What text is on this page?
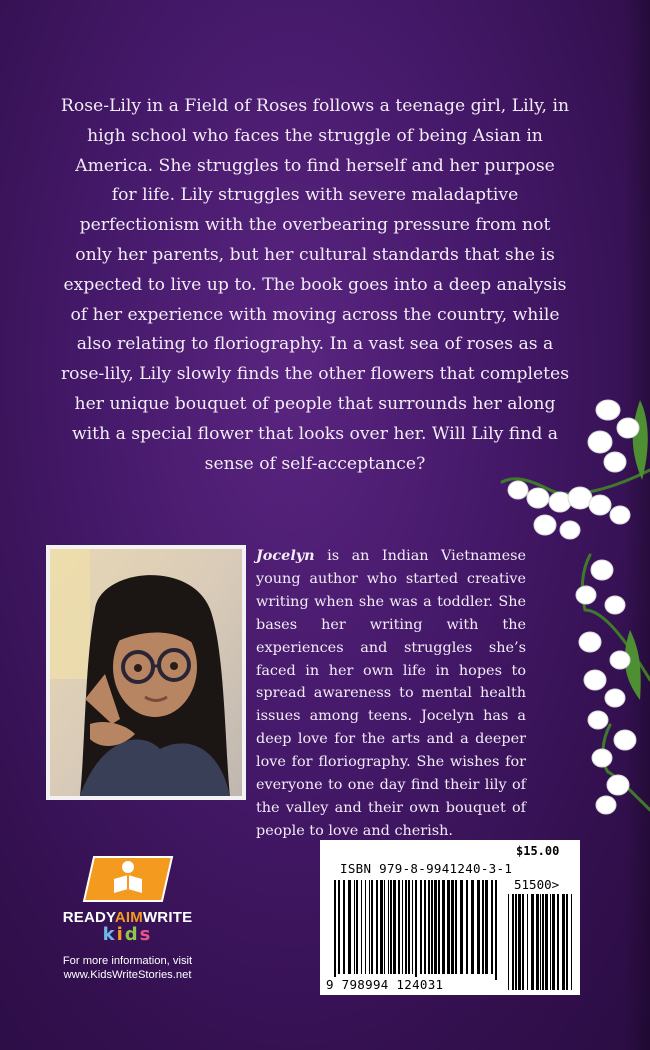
Rose-Lily in a Field of Roses follows a teenage girl, Lily, in high school who faces the struggle of being Asian in America. She struggles to find herself and her purpose for life. Lily struggles with severe maladaptive perfectionism with the overbearing pressure from not only her parents, but her cultural standards that she is expected to live up to. The book goes into a deep analysis of her experience with moving across the country, while also relating to floriography. In a vast sea of roses as a rose-lily, Lily slowly finds the other flowers that completes her unique bouquet of people that surrounds her along with a special flower that looks over her. Will Lily find a sense of self-acceptance?

Jocelyn is an Indian Vietnamese young author who started creative writing when she was a toddler. She bases her writing with the experiences and struggles she’s faced in her own life in hopes to spread awareness to mental health issues among teens. Jocelyn has a deep love for the arts and a deeper love for floriography. She wishes for everyone to one day find their lily of the valley and their own bouquet of people to love and cherish.

READYAIMWRITE
kids
For more information, visit
www.KidsWriteStories.net
$15.00
ISBN 979-8-9941240-3-1
51500>
9 798994 124031
